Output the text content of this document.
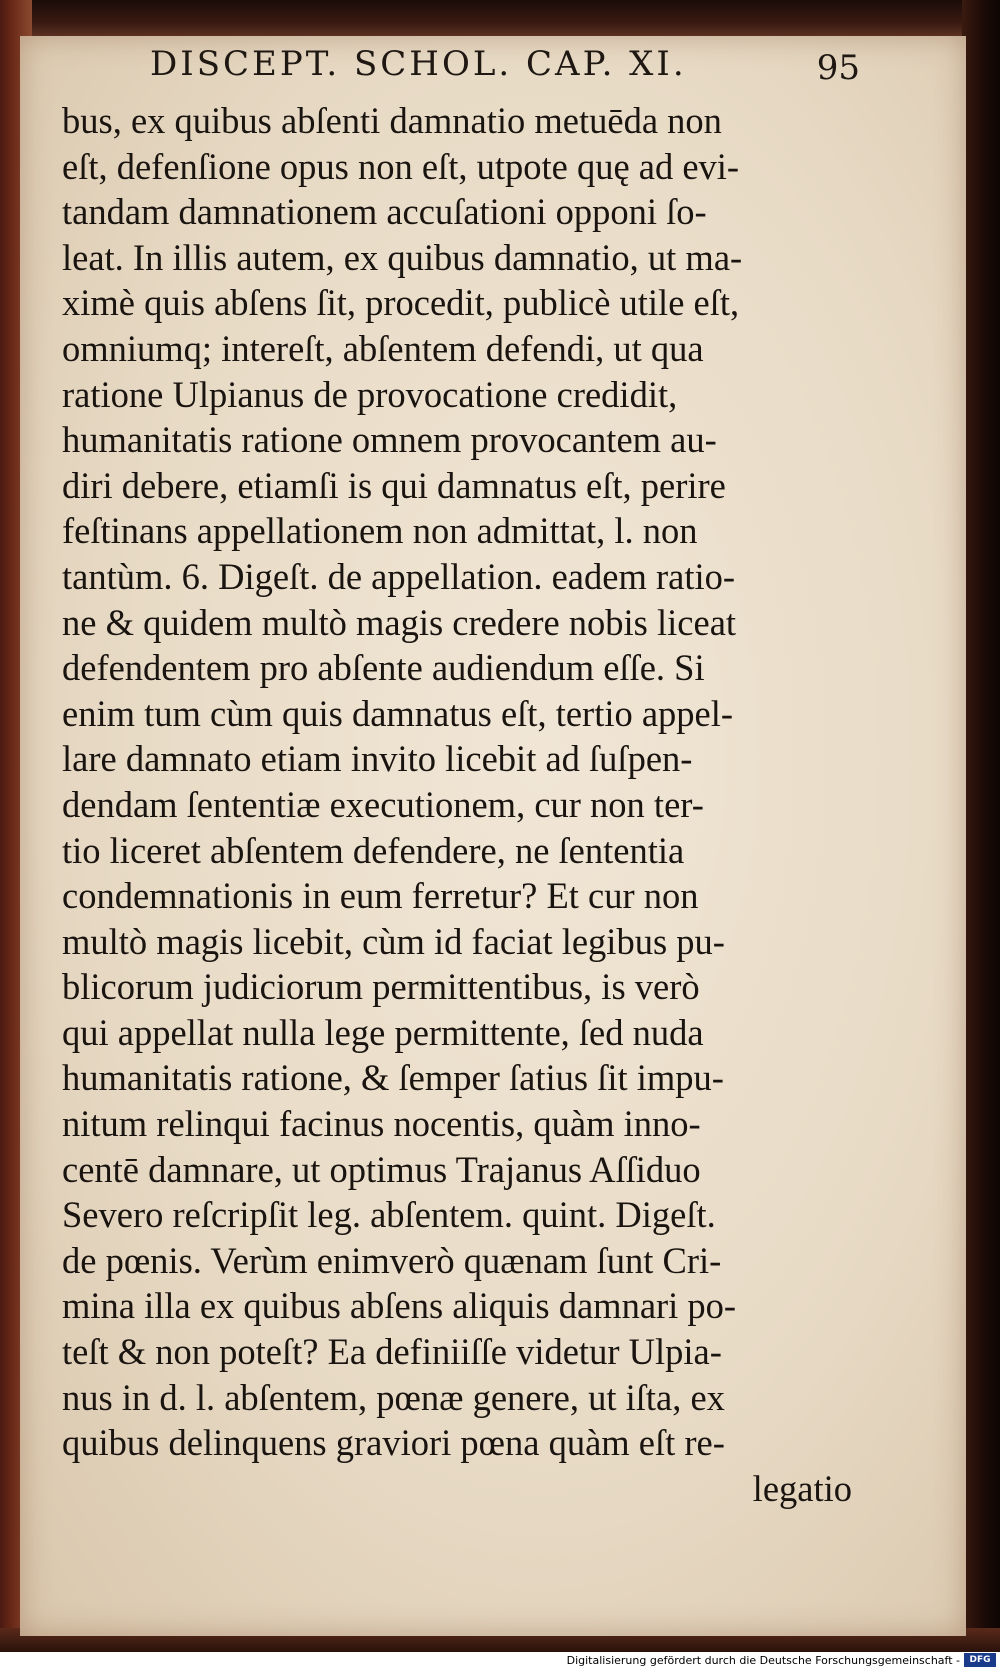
DISCEPT. SCHOL. CAP. XI.	95
bus, ex quibus abſenti damnatio metuēda non
eſt, defenſione opus non eſt, utpote quę ad evi-
tandam damnationem accuſationi opponi ſo-
leat. In illis autem, ex quibus damnatio, ut ma-
ximè quis abſens ſit, procedit, publicè utile eſt,
omniumq; intereſt, abſentem defendi, ut qua
ratione Ulpianus de provocatione credidit,
humanitatis ratione omnem provocantem au-
diri debere, etiamſi is qui damnatus eſt, perire
feſtinans appellationem non admittat, l. non
tantùm. 6. Digeſt. de appellation. eadem ratio-
ne & quidem multò magis credere nobis liceat
defendentem pro abſente audiendum eſſe. Si
enim tum cùm quis damnatus eſt, tertio appel-
lare damnato etiam invito licebit ad ſuſpen-
dendam ſententiæ executionem, cur non ter-
tio liceret abſentem defendere, ne ſententia
condemnationis in eum ferretur? Et cur non
multò magis licebit, cùm id faciat legibus pu-
blicorum judiciorum permittentibus, is verò
qui appellat nulla lege permittente, ſed nuda
humanitatis ratione, & ſemper ſatius ſit impu-
nitum relinqui facinus nocentis, quàm inno-
centē damnare, ut optimus Trajanus Aſſiduo
Severo reſcripſit leg. abſentem. quint. Digeſt.
de pœnis. Verùm enimverò quænam ſunt Cri-
mina illa ex quibus abſens aliquis damnari po-
teſt & non poteſt? Ea definiiſſe videtur Ulpia-
nus in d. l. abſentem, pœnæ genere, ut iſta, ex
quibus delinquens graviori pœna quàm eſt re-
legatio
Digitalisierung gefördert durch die Deutsche Forschungsgemeinschaft -	DFG
